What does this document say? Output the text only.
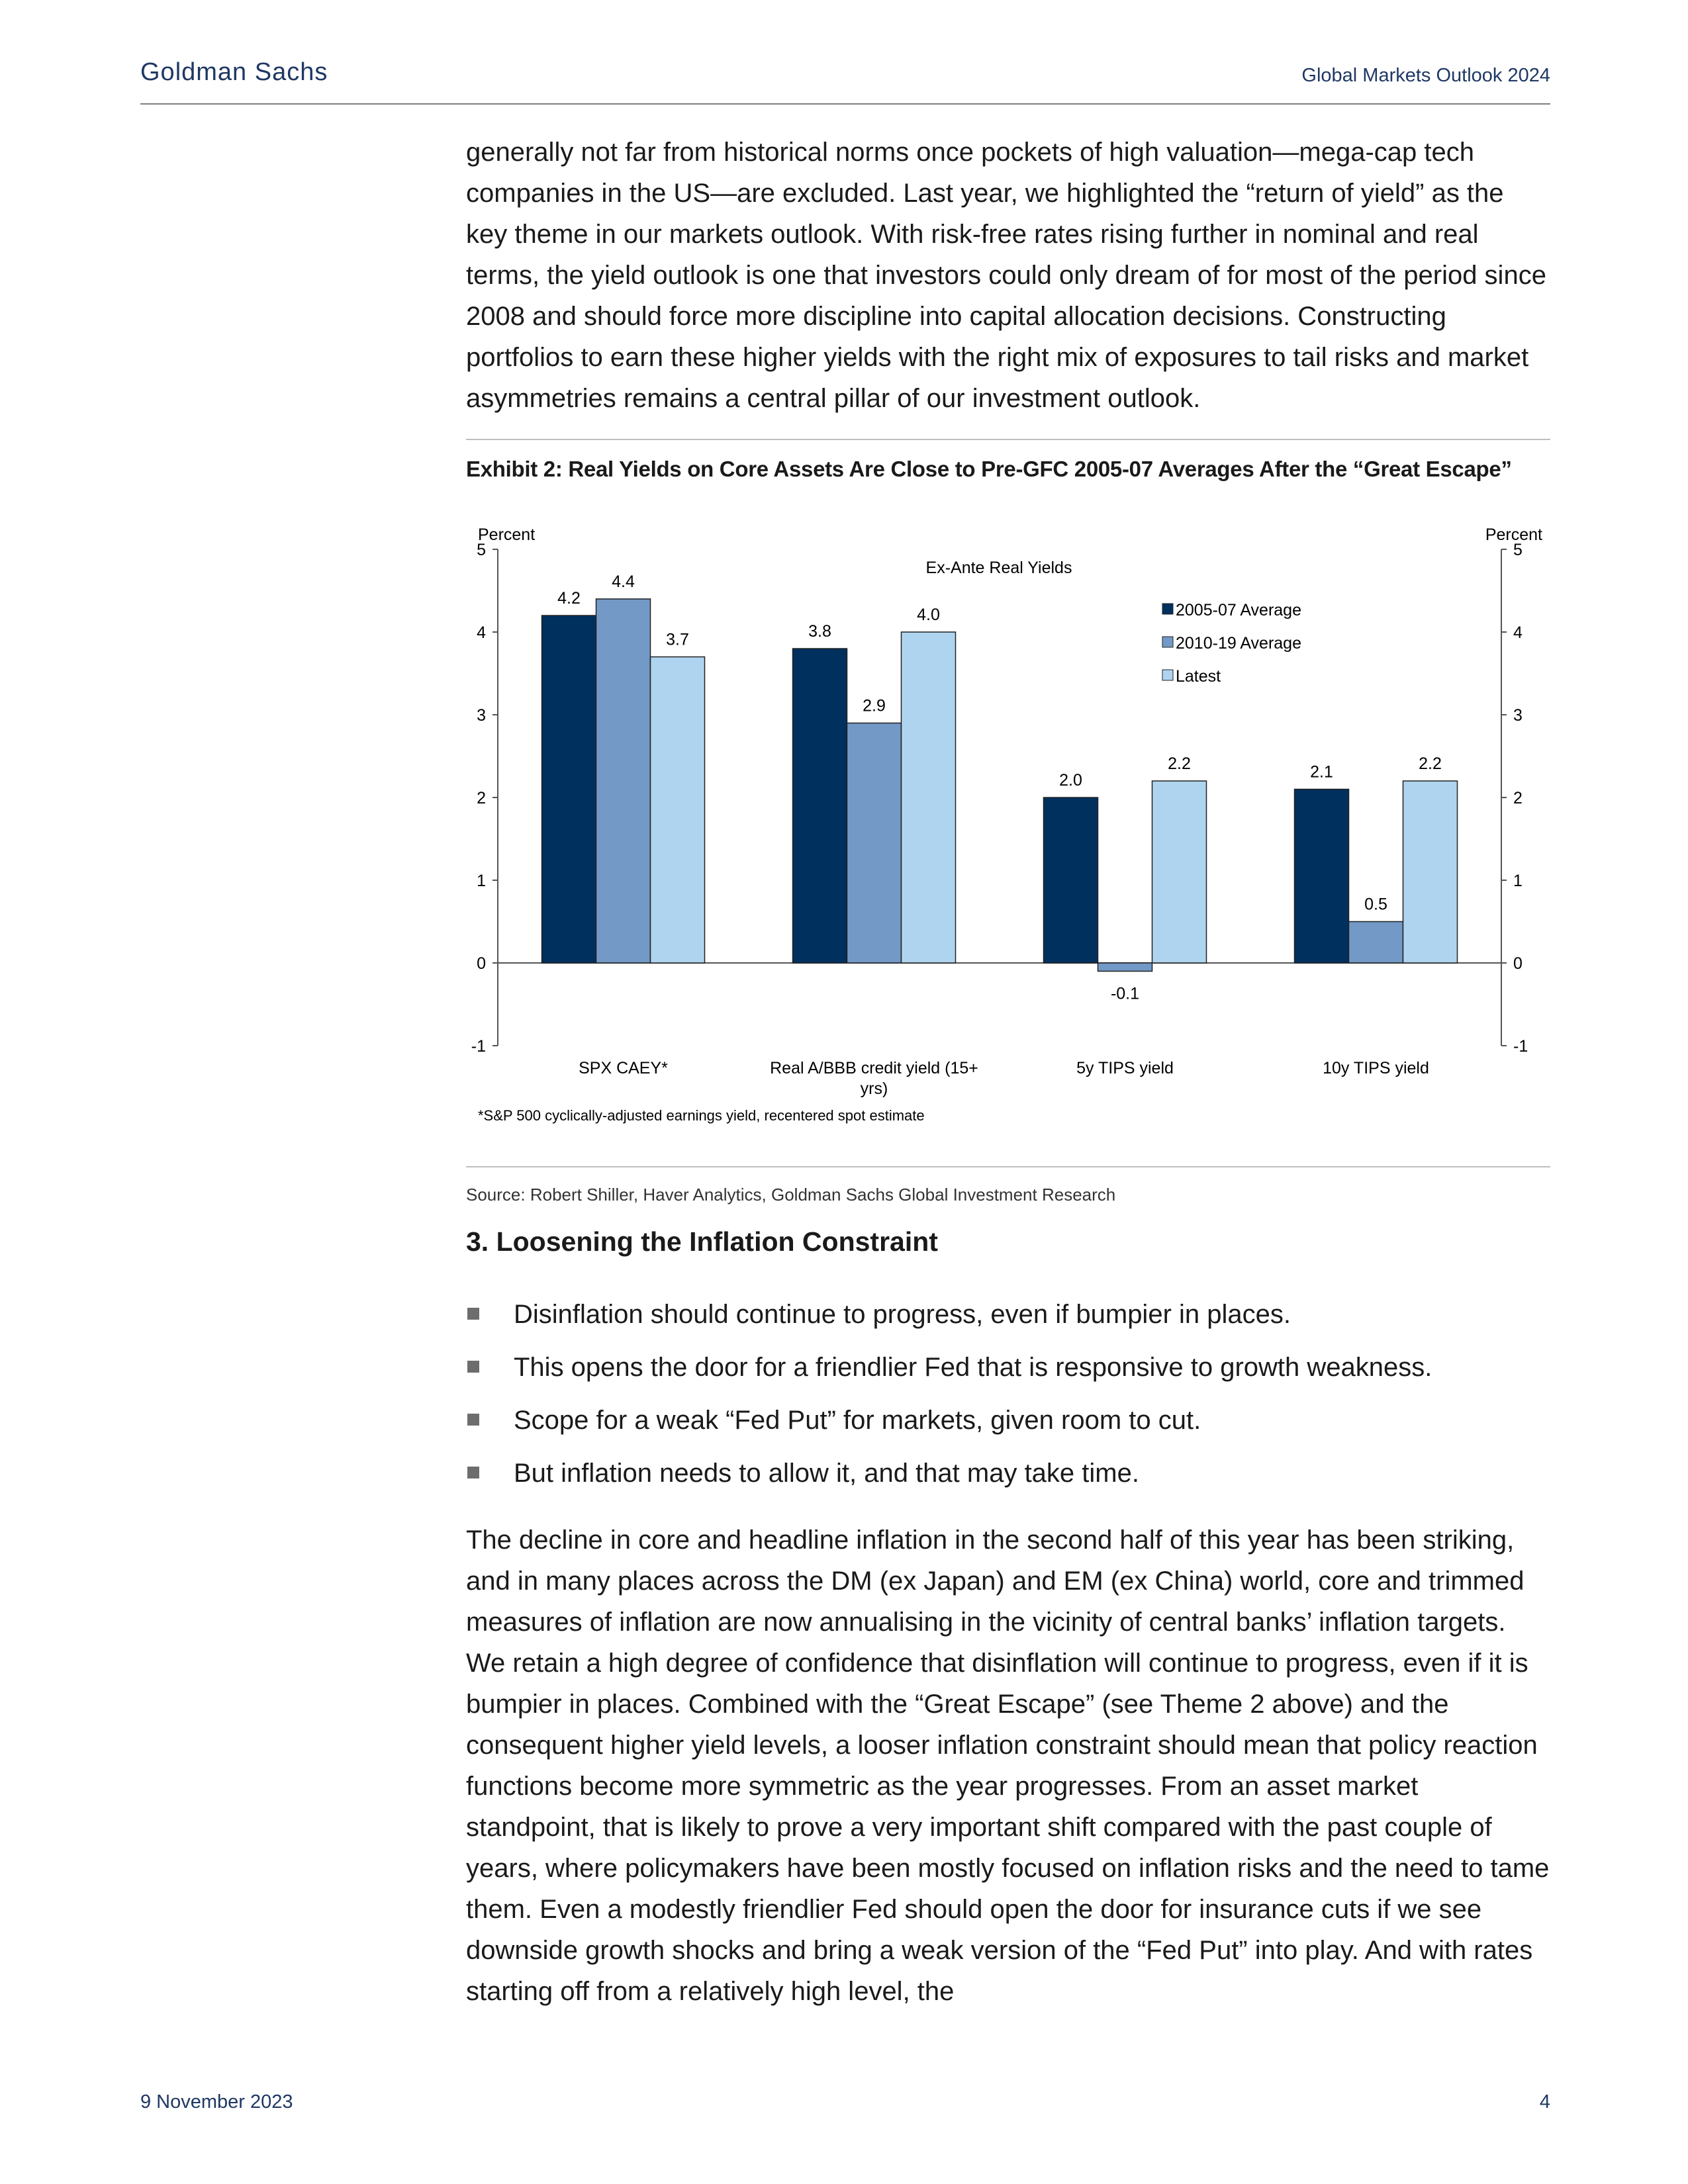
Goldman Sachs	Global Markets Outlook 2024

generally not far from historical norms once pockets of high valuation—mega-cap tech companies in the US—are excluded. Last year, we highlighted the “return of yield” as the key theme in our markets outlook. With risk-free rates rising further in nominal and real terms, the yield outlook is one that investors could only dream of for most of the period since 2008 and should force more discipline into capital allocation decisions. Constructing portfolios to earn these higher yields with the right mix of exposures to tail risks and market asymmetries remains a central pillar of our investment outlook.

Exhibit 2: Real Yields on Core Assets Are Close to Pre-GFC 2005-07 Averages After the “Great Escape”
Percent	Percent
Ex-Ante Real Yields
-1	-1
0	0
1	1
2	2
3	3
4	4
5	5
4.2
4.4
3.7
SPX CAEY*
3.8
2.9
4.0
Real A/BBB credit yield (15+
yrs)
2.0
-0.1
2.2
5y TIPS yield
2.1
0.5
2.2
10y TIPS yield
2005-07 Average
2010-19 Average
Latest
*S&P 500 cyclically-adjusted earnings yield, recentered spot estimate
Source: Robert Shiller, Haver Analytics, Goldman Sachs Global Investment Research
3. Loosening the Inflation Constraint
Disinflation should continue to progress, even if bumpier in places.
This opens the door for a friendlier Fed that is responsive to growth weakness.
Scope for a weak “Fed Put” for markets, given room to cut.
But inflation needs to allow it, and that may take time.

The decline in core and headline inflation in the second half of this year has been striking, and in many places across the DM (ex Japan) and EM (ex China) world, core and trimmed measures of inflation are now annualising in the vicinity of central banks’ inflation targets. We retain a high degree of confidence that disinflation will continue to progress, even if it is bumpier in places. Combined with the “Great Escape” (see Theme 2 above) and the consequent higher yield levels, a looser inflation constraint should mean that policy reaction functions become more symmetric as the year progresses. From an asset market standpoint, that is likely to prove a very important shift compared with the past couple of years, where policymakers have been mostly focused on inflation risks and the need to tame them. Even a modestly friendlier Fed should open the door for insurance cuts if we see downside growth shocks and bring a weak version of the “Fed Put” into play. And with rates starting off from a relatively high level, the

9 November 2023	4
